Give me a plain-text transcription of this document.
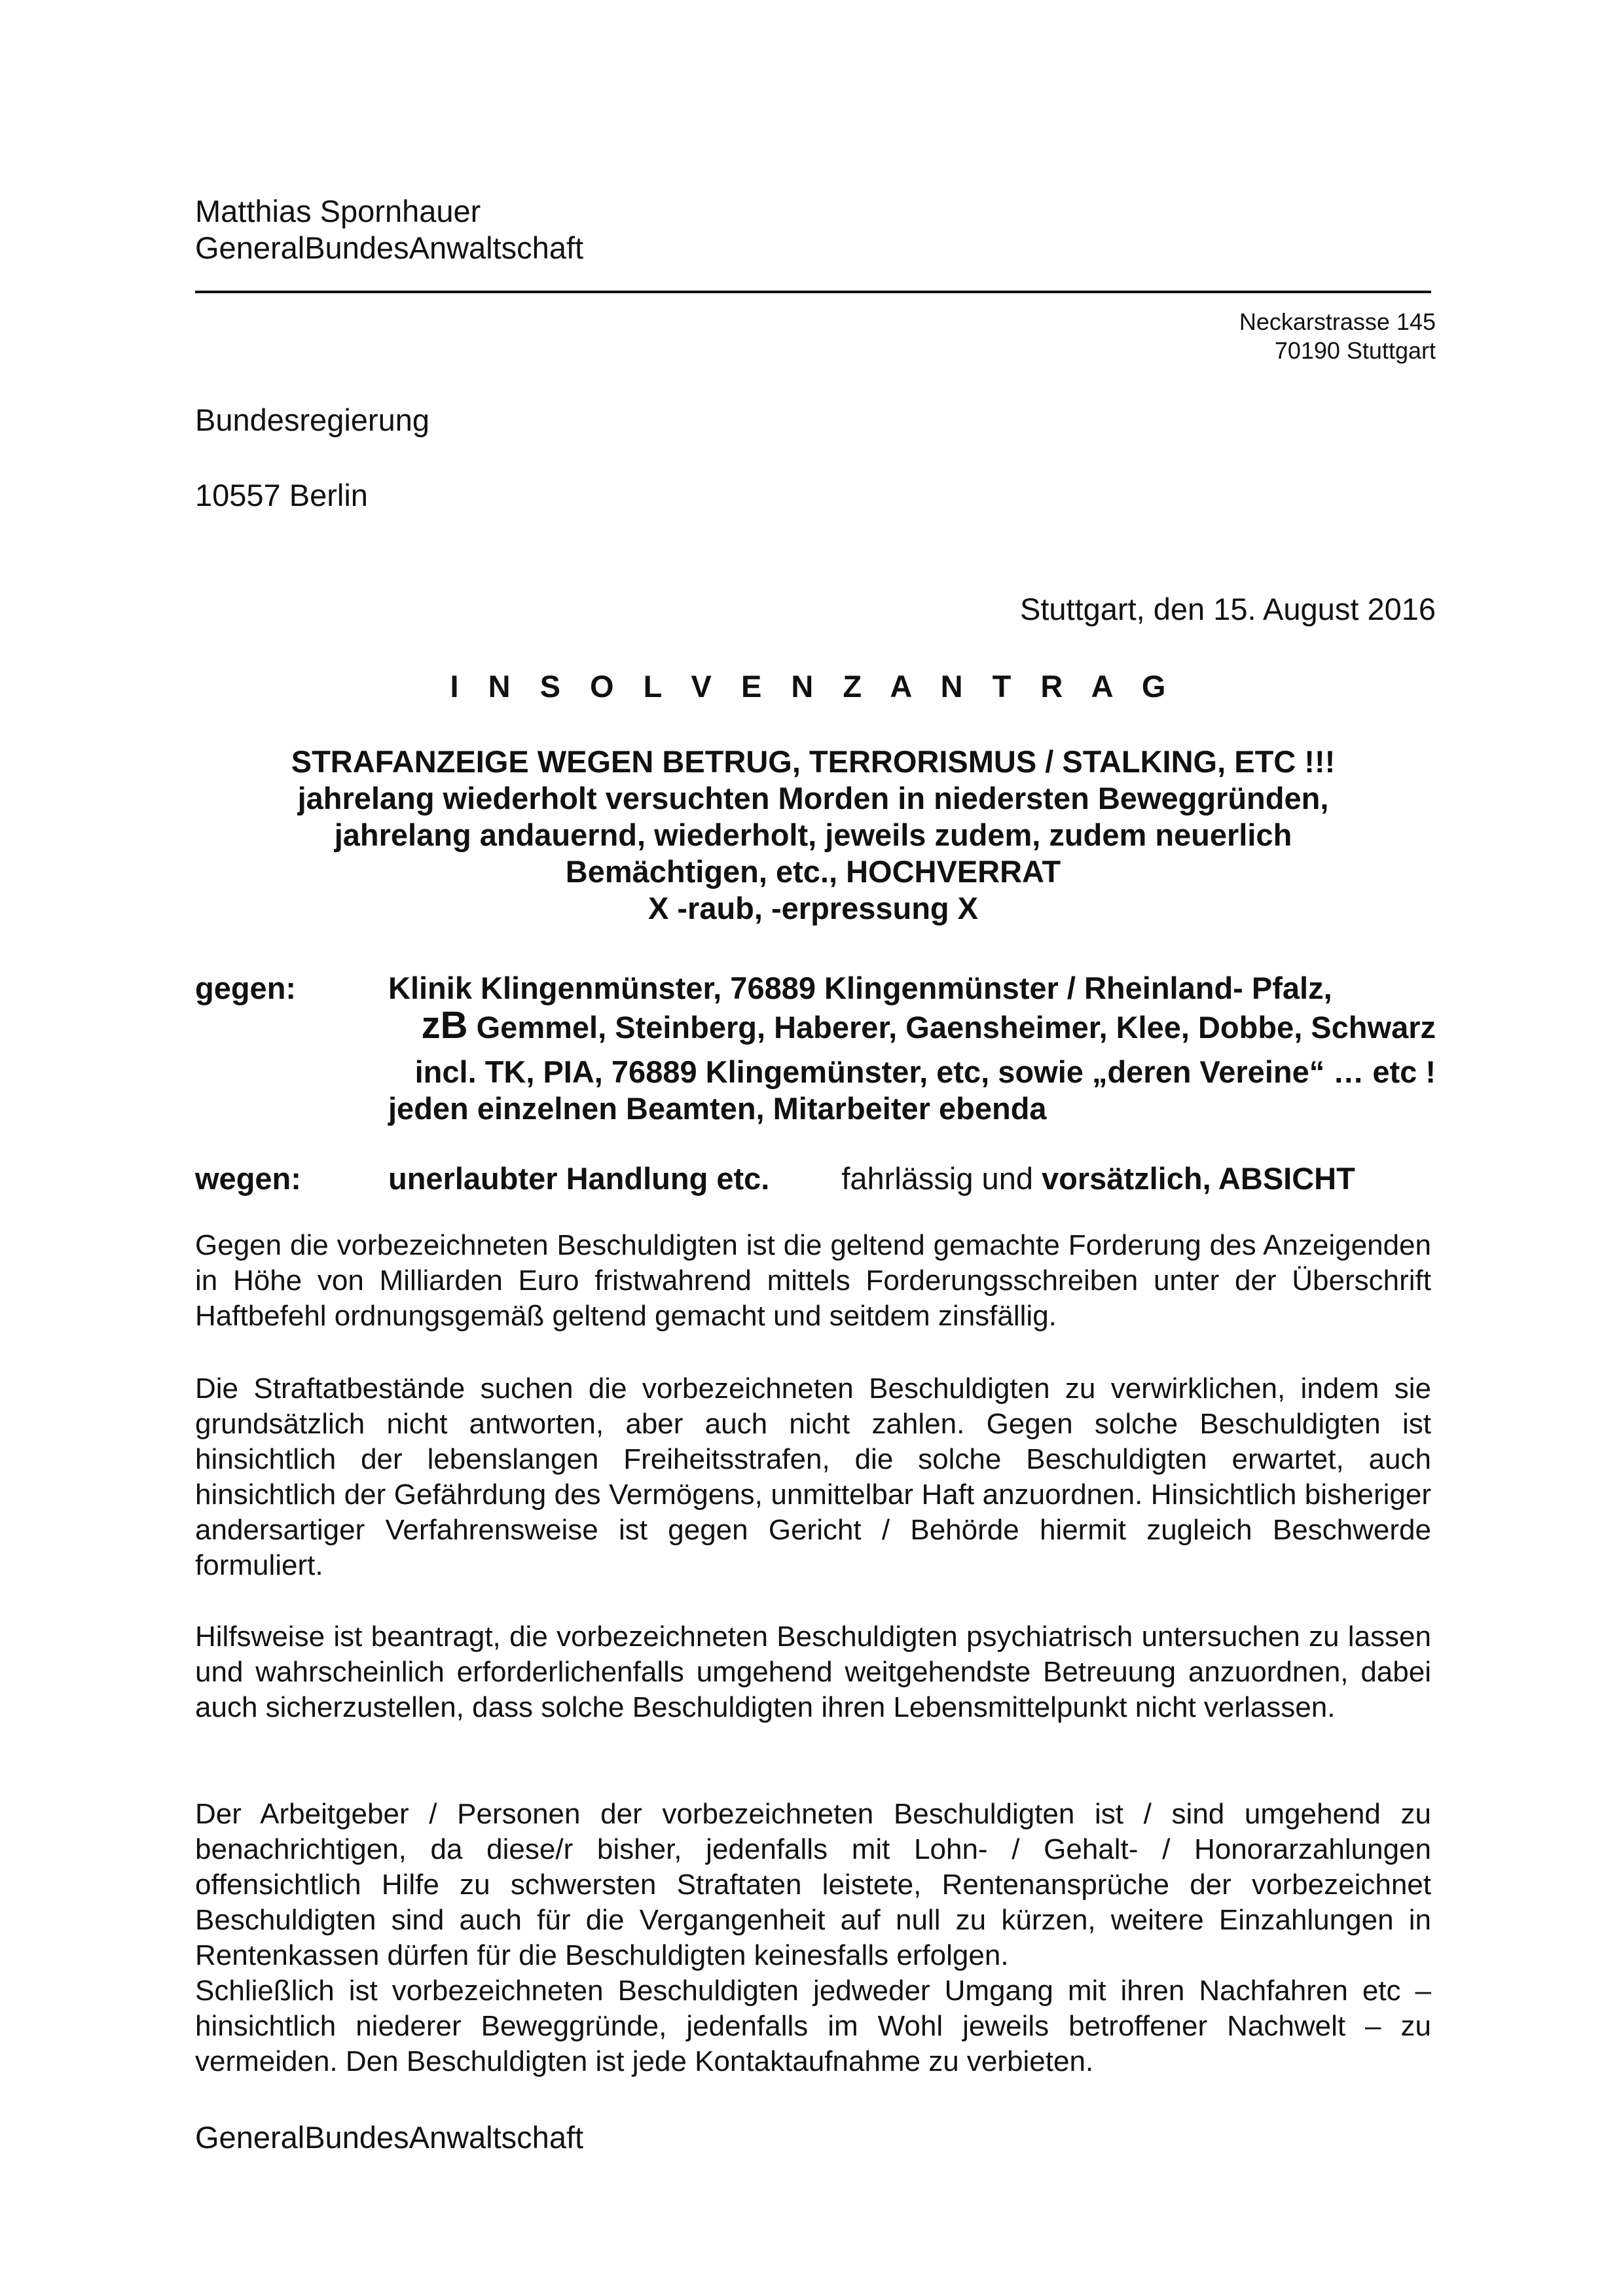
Matthias Spornhauer
GeneralBundesAnwaltschaft
Neckarstrasse 145
70190 Stuttgart
Bundesregierung
10557 Berlin
Stuttgart, den 15. August 2016
I N S O L V E N Z A N T R A G
STRAFANZEIGE WEGEN BETRUG, TERRORISMUS / STALKING, ETC !!!
jahrelang wiederholt versuchten Morden in niedersten Beweggründen,
jahrelang andauernd, wiederholt, jeweils zudem, zudem neuerlich
Bemächtigen, etc., HOCHVERRAT
X -raub, -erpressung X
gegen:	Klinik Klingenmünster, 76889 Klingenmünster / Rheinland- Pfalz,
zB Gemmel, Steinberg, Haberer, Gaensheimer, Klee, Dobbe, Schwarz
incl. TK, PIA, 76889 Klingemünster, etc, sowie „deren Vereine“ … etc !
jeden einzelnen Beamten, Mitarbeiter ebenda
wegen:	unerlaubter Handlung etc. fahrlässig und vorsätzlich, ABSICHT

Gegen die vorbezeichneten Beschuldigten ist die geltend gemachte Forderung des Anzeigenden in Höhe von Milliarden Euro fristwahrend mittels Forderungsschreiben unter der Überschrift Haftbefehl ordnungsgemäß geltend gemacht und seitdem zinsfällig.

Die Straftatbestände suchen die vorbezeichneten Beschuldigten zu verwirklichen, indem sie grundsätzlich nicht antworten, aber auch nicht zahlen. Gegen solche Beschuldigten ist hinsichtlich der lebenslangen Freiheitsstrafen, die solche Beschuldigten erwartet, auch hinsichtlich der Gefährdung des Vermögens, unmittelbar Haft anzuordnen. Hinsichtlich bisheriger andersartiger Verfahrensweise ist gegen Gericht / Behörde hiermit zugleich Beschwerde formuliert.

Hilfsweise ist beantragt, die vorbezeichneten Beschuldigten psychiatrisch untersuchen zu lassen und wahrscheinlich erforderlichenfalls umgehend weitgehendste Betreuung anzuordnen, dabei auch sicherzustellen, dass solche Beschuldigten ihren Lebensmittelpunkt nicht verlassen.

Der Arbeitgeber / Personen der vorbezeichneten Beschuldigten ist / sind umgehend zu benachrichtigen, da diese/r bisher, jedenfalls mit Lohn- / Gehalt- / Honorarzahlungen offensichtlich Hilfe zu schwersten Straftaten leistete, Rentenansprüche der vorbezeichnet Beschuldigten sind auch für die Vergangenheit auf null zu kürzen, weitere Einzahlungen in Rentenkassen dürfen für die Beschuldigten keinesfalls erfolgen.

Schließlich ist vorbezeichneten Beschuldigten jedweder Umgang mit ihren Nachfahren etc – hinsichtlich niederer Beweggründe, jedenfalls im Wohl jeweils betroffener Nachwelt – zu vermeiden. Den Beschuldigten ist jede Kontaktaufnahme zu verbieten.

GeneralBundesAnwaltschaft
